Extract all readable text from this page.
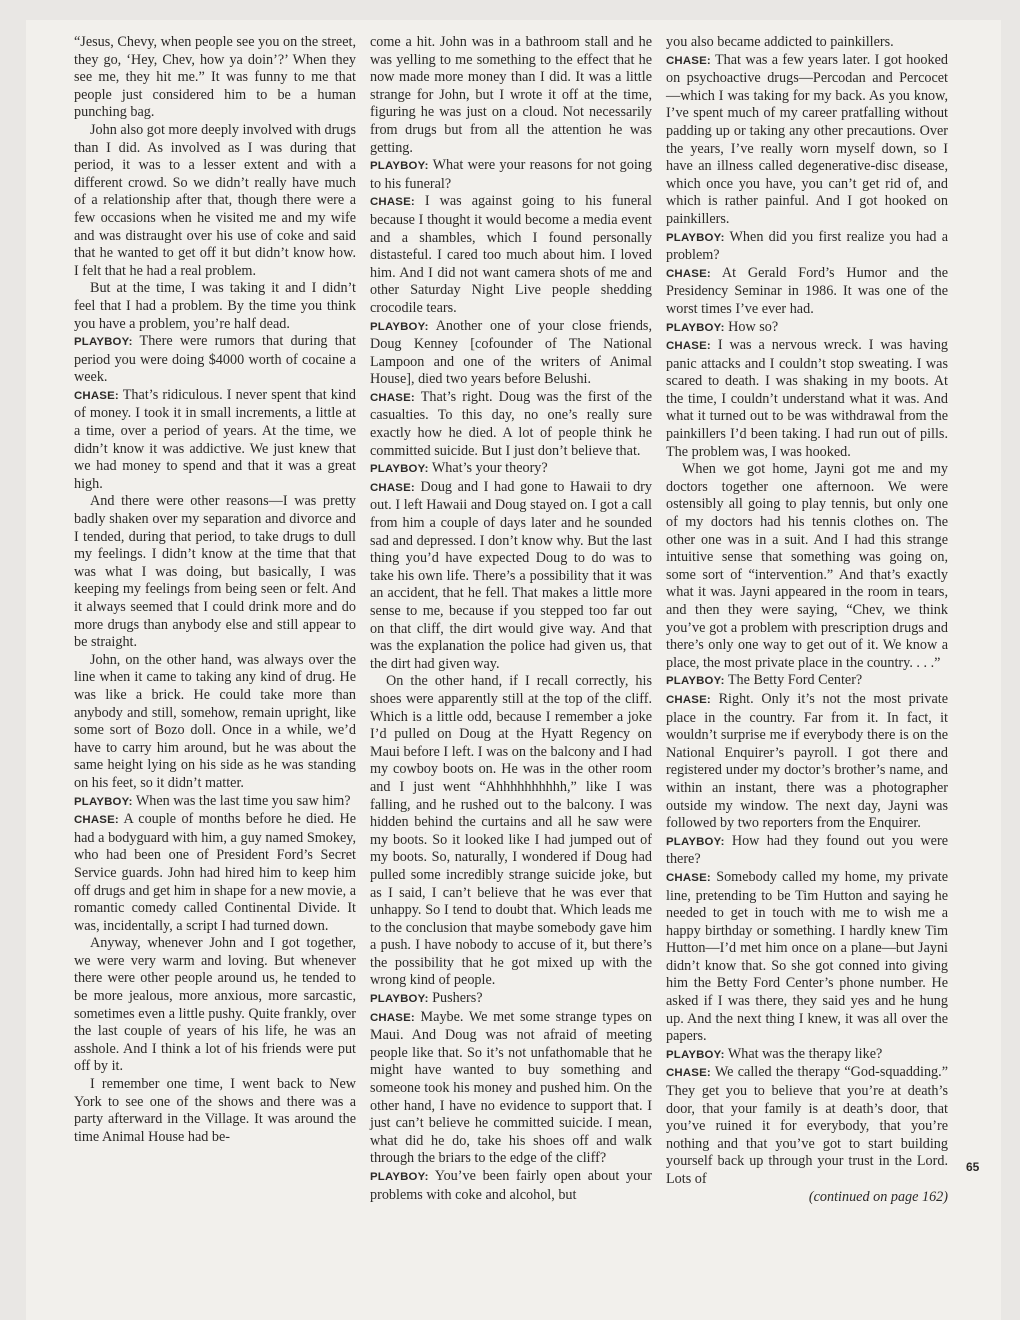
“Jesus, Chevy, when people see you on the street, they go, ‘Hey, Chev, how ya doin’?’ When they see me, they hit me.” It was funny to me that people just considered him to be a human punching bag.

John also got more deeply involved with drugs than I did. As involved as I was during that period, it was to a lesser extent and with a different crowd. So we didn’t really have much of a relationship after that, though there were a few occasions when he visited me and my wife and was distraught over his use of coke and said that he wanted to get off it but didn’t know how. I felt that he had a real problem.

But at the time, I was taking it and I didn’t feel that I had a problem. By the time you think you have a problem, you’re half dead.

PLAYBOY: There were rumors that during that period you were doing $4000 worth of cocaine a week.

CHASE: That’s ridiculous. I never spent that kind of money. I took it in small increments, a little at a time, over a period of years. At the time, we didn’t know it was addictive. We just knew that we had money to spend and that it was a great high.

And there were other reasons—I was pretty badly shaken over my separation and divorce and I tended, during that period, to take drugs to dull my feelings. I didn’t know at the time that that was what I was doing, but basically, I was keeping my feelings from being seen or felt. And it always seemed that I could drink more and do more drugs than anybody else and still appear to be straight.

John, on the other hand, was always over the line when it came to taking any kind of drug. He was like a brick. He could take more than anybody and still, somehow, remain upright, like some sort of Bozo doll. Once in a while, we’d have to carry him around, but he was about the same height lying on his side as he was standing on his feet, so it didn’t matter.

PLAYBOY: When was the last time you saw him?

CHASE: A couple of months before he died. He had a bodyguard with him, a guy named Smokey, who had been one of President Ford’s Secret Service guards. John had hired him to keep him off drugs and get him in shape for a new movie, a romantic comedy called Continental Divide. It was, incidentally, a script I had turned down.

Anyway, whenever John and I got together, we were very warm and loving. But whenever there were other people around us, he tended to be more jealous, more anxious, more sarcastic, sometimes even a little pushy. Quite frankly, over the last couple of years of his life, he was an asshole. And I think a lot of his friends were put off by it.

I remember one time, I went back to New York to see one of the shows and there was a party afterward in the Village. It was around the time Animal House had be-

come a hit. John was in a bathroom stall and he was yelling to me something to the effect that he now made more money than I did. It was a little strange for John, but I wrote it off at the time, figuring he was just on a cloud. Not necessarily from drugs but from all the attention he was getting.

PLAYBOY: What were your reasons for not going to his funeral?

CHASE: I was against going to his funeral because I thought it would become a media event and a shambles, which I found personally distasteful. I cared too much about him. I loved him. And I did not want camera shots of me and other Saturday Night Live people shedding crocodile tears.

PLAYBOY: Another one of your close friends, Doug Kenney [cofounder of The National Lampoon and one of the writers of Animal House], died two years before Belushi.

CHASE: That’s right. Doug was the first of the casualties. To this day, no one’s really sure exactly how he died. A lot of people think he committed suicide. But I just don’t believe that.

PLAYBOY: What’s your theory?

CHASE: Doug and I had gone to Hawaii to dry out. I left Hawaii and Doug stayed on. I got a call from him a couple of days later and he sounded sad and depressed. I don’t know why. But the last thing you’d have expected Doug to do was to take his own life. There’s a possibility that it was an accident, that he fell. That makes a little more sense to me, because if you stepped too far out on that cliff, the dirt would give way. And that was the explanation the police had given us, that the dirt had given way.

On the other hand, if I recall correctly, his shoes were apparently still at the top of the cliff. Which is a little odd, because I remember a joke I’d pulled on Doug at the Hyatt Regency on Maui before I left. I was on the balcony and I had my cowboy boots on. He was in the other room and I just went “Ahhhhhhhhhh,” like I was falling, and he rushed out to the balcony. I was hidden behind the curtains and all he saw were my boots. So it looked like I had jumped out of my boots. So, naturally, I wondered if Doug had pulled some incredibly strange suicide joke, but as I said, I can’t believe that he was ever that unhappy. So I tend to doubt that. Which leads me to the conclusion that maybe somebody gave him a push. I have nobody to accuse of it, but there’s the possibility that he got mixed up with the wrong kind of people.

PLAYBOY: Pushers?

CHASE: Maybe. We met some strange types on Maui. And Doug was not afraid of meeting people like that. So it’s not unfathomable that he might have wanted to buy something and someone took his money and pushed him. On the other hand, I have no evidence to support that. I just can’t believe he committed suicide. I mean, what did he do, take his shoes off and walk through the briars to the edge of the cliff?

PLAYBOY: You’ve been fairly open about your problems with coke and alcohol, but

you also became addicted to painkillers.

CHASE: That was a few years later. I got hooked on psychoactive drugs—Percodan and Percocet—which I was taking for my back. As you know, I’ve spent much of my career pratfalling without padding up or taking any other precautions. Over the years, I’ve really worn myself down, so I have an illness called degenerative-disc disease, which once you have, you can’t get rid of, and which is rather painful. And I got hooked on painkillers.

PLAYBOY: When did you first realize you had a problem?

CHASE: At Gerald Ford’s Humor and the Presidency Seminar in 1986. It was one of the worst times I’ve ever had.

PLAYBOY: How so?

CHASE: I was a nervous wreck. I was having panic attacks and I couldn’t stop sweating. I was scared to death. I was shaking in my boots. At the time, I couldn’t understand what it was. And what it turned out to be was withdrawal from the painkillers I’d been taking. I had run out of pills. The problem was, I was hooked.

When we got home, Jayni got me and my doctors together one afternoon. We were ostensibly all going to play tennis, but only one of my doctors had his tennis clothes on. The other one was in a suit. And I had this strange intuitive sense that something was going on, some sort of “intervention.” And that’s exactly what it was. Jayni appeared in the room in tears, and then they were saying, “Chev, we think you’ve got a problem with prescription drugs and there’s only one way to get out of it. We know a place, the most private place in the country. . . .”

PLAYBOY: The Betty Ford Center?

CHASE: Right. Only it’s not the most private place in the country. Far from it. In fact, it wouldn’t surprise me if everybody there is on the National Enquirer’s payroll. I got there and registered under my doctor’s brother’s name, and within an instant, there was a photographer outside my window. The next day, Jayni was followed by two reporters from the Enquirer.

PLAYBOY: How had they found out you were there?

CHASE: Somebody called my home, my private line, pretending to be Tim Hutton and saying he needed to get in touch with me to wish me a happy birthday or something. I hardly knew Tim Hutton—I’d met him once on a plane—but Jayni didn’t know that. So she got conned into giving him the Betty Ford Center’s phone number. He asked if I was there, they said yes and he hung up. And the next thing I knew, it was all over the papers.

PLAYBOY: What was the therapy like?

CHASE: We called the therapy “God-squadding.” They get you to believe that you’re at death’s door, that your family is at death’s door, that you’ve ruined it for everybody, that you’re nothing and that you’ve got to start building yourself back up through your trust in the Lord. Lots of

(continued on page 162)
65
